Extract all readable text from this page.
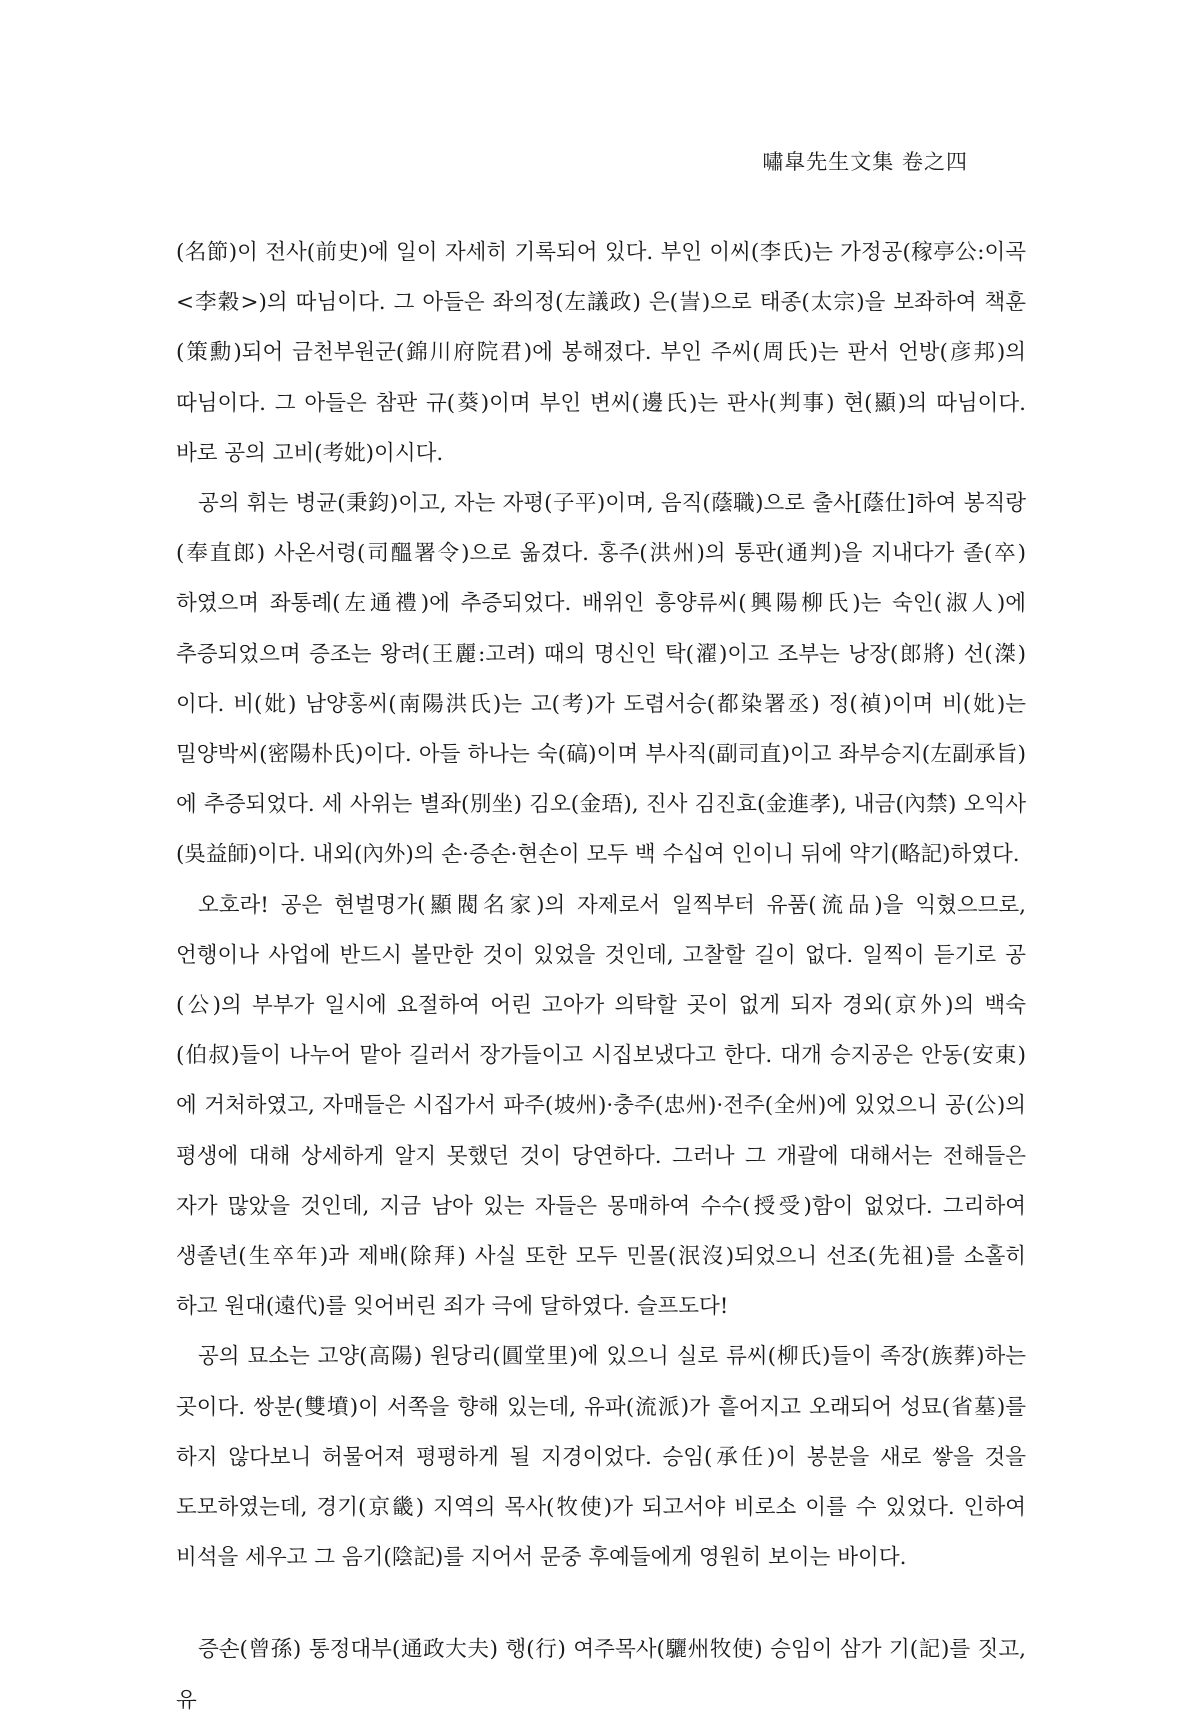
嘯皐先生文集 卷之四

(名節)이 전사(前史)에 일이 자세히 기록되어 있다. 부인 이씨(李氏)는 가정공(稼亭公:이곡<李穀>)의 따님이다. 그 아들은 좌의정(左議政) 은(訔)으로 태종(太宗)을 보좌하여 책훈(策勳)되어 금천부원군(錦川府院君)에 봉해졌다. 부인 주씨(周氏)는 판서 언방(彦邦)의 따님이다. 그 아들은 참판 규(葵)이며 부인 변씨(邊氏)는 판사(判事) 현(顯)의 따님이다. 바로 공의 고비(考妣)이시다.

공의 휘는 병균(秉鈞)이고, 자는 자평(子平)이며, 음직(蔭職)으로 출사[蔭仕]하여 봉직랑(奉直郎) 사온서령(司醞署令)으로 옮겼다. 홍주(洪州)의 통판(通判)을 지내다가 졸(卒)하였으며 좌통례(左通禮)에 추증되었다. 배위인 흥양류씨(興陽柳氏)는 숙인(淑人)에 추증되었으며 증조는 왕려(王麗:고려) 때의 명신인 탁(濯)이고 조부는 낭장(郎將) 선(滐)이다. 비(妣) 남양홍씨(南陽洪氏)는 고(考)가 도렴서승(都染署丞) 정(禎)이며 비(妣)는 밀양박씨(密陽朴氏)이다. 아들 하나는 숙(碻)이며 부사직(副司直)이고 좌부승지(左副承旨)에 추증되었다. 세 사위는 별좌(別坐) 김오(金珸), 진사 김진효(金進孝), 내금(內禁) 오익사(吳益師)이다. 내외(內外)의 손·증손·현손이 모두 백 수십여 인이니 뒤에 약기(略記)하였다.

오호라! 공은 현벌명가(顯閥名家)의 자제로서 일찍부터 유품(流品)을 익혔으므로, 언행이나 사업에 반드시 볼만한 것이 있었을 것인데, 고찰할 길이 없다. 일찍이 듣기로 공(公)의 부부가 일시에 요절하여 어린 고아가 의탁할 곳이 없게 되자 경외(京外)의 백숙(伯叔)들이 나누어 맡아 길러서 장가들이고 시집보냈다고 한다. 대개 승지공은 안동(安東)에 거처하였고, 자매들은 시집가서 파주(坡州)·충주(忠州)·전주(全州)에 있었으니 공(公)의 평생에 대해 상세하게 알지 못했던 것이 당연하다. 그러나 그 개괄에 대해서는 전해들은 자가 많았을 것인데, 지금 남아 있는 자들은 몽매하여 수수(授受)함이 없었다. 그리하여 생졸년(生卒年)과 제배(除拜) 사실 또한 모두 민몰(泯沒)되었으니 선조(先祖)를 소홀히 하고 원대(遠代)를 잊어버린 죄가 극에 달하였다. 슬프도다!

공의 묘소는 고양(高陽) 원당리(圓堂里)에 있으니 실로 류씨(柳氏)들이 족장(族葬)하는 곳이다. 쌍분(雙墳)이 서쪽을 향해 있는데, 유파(流派)가 흩어지고 오래되어 성묘(省墓)를 하지 않다보니 허물어져 평평하게 될 지경이었다. 승임(承任)이 봉분을 새로 쌓을 것을 도모하였는데, 경기(京畿) 지역의 목사(牧使)가 되고서야 비로소 이를 수 있었다. 인하여 비석을 세우고 그 음기(陰記)를 지어서 문중 후예들에게 영원히 보이는 바이다.

증손(曾孫) 통정대부(通政大夫) 행(行) 여주목사(驪州牧使) 승임이 삼가 기(記)를 짓고, 유
